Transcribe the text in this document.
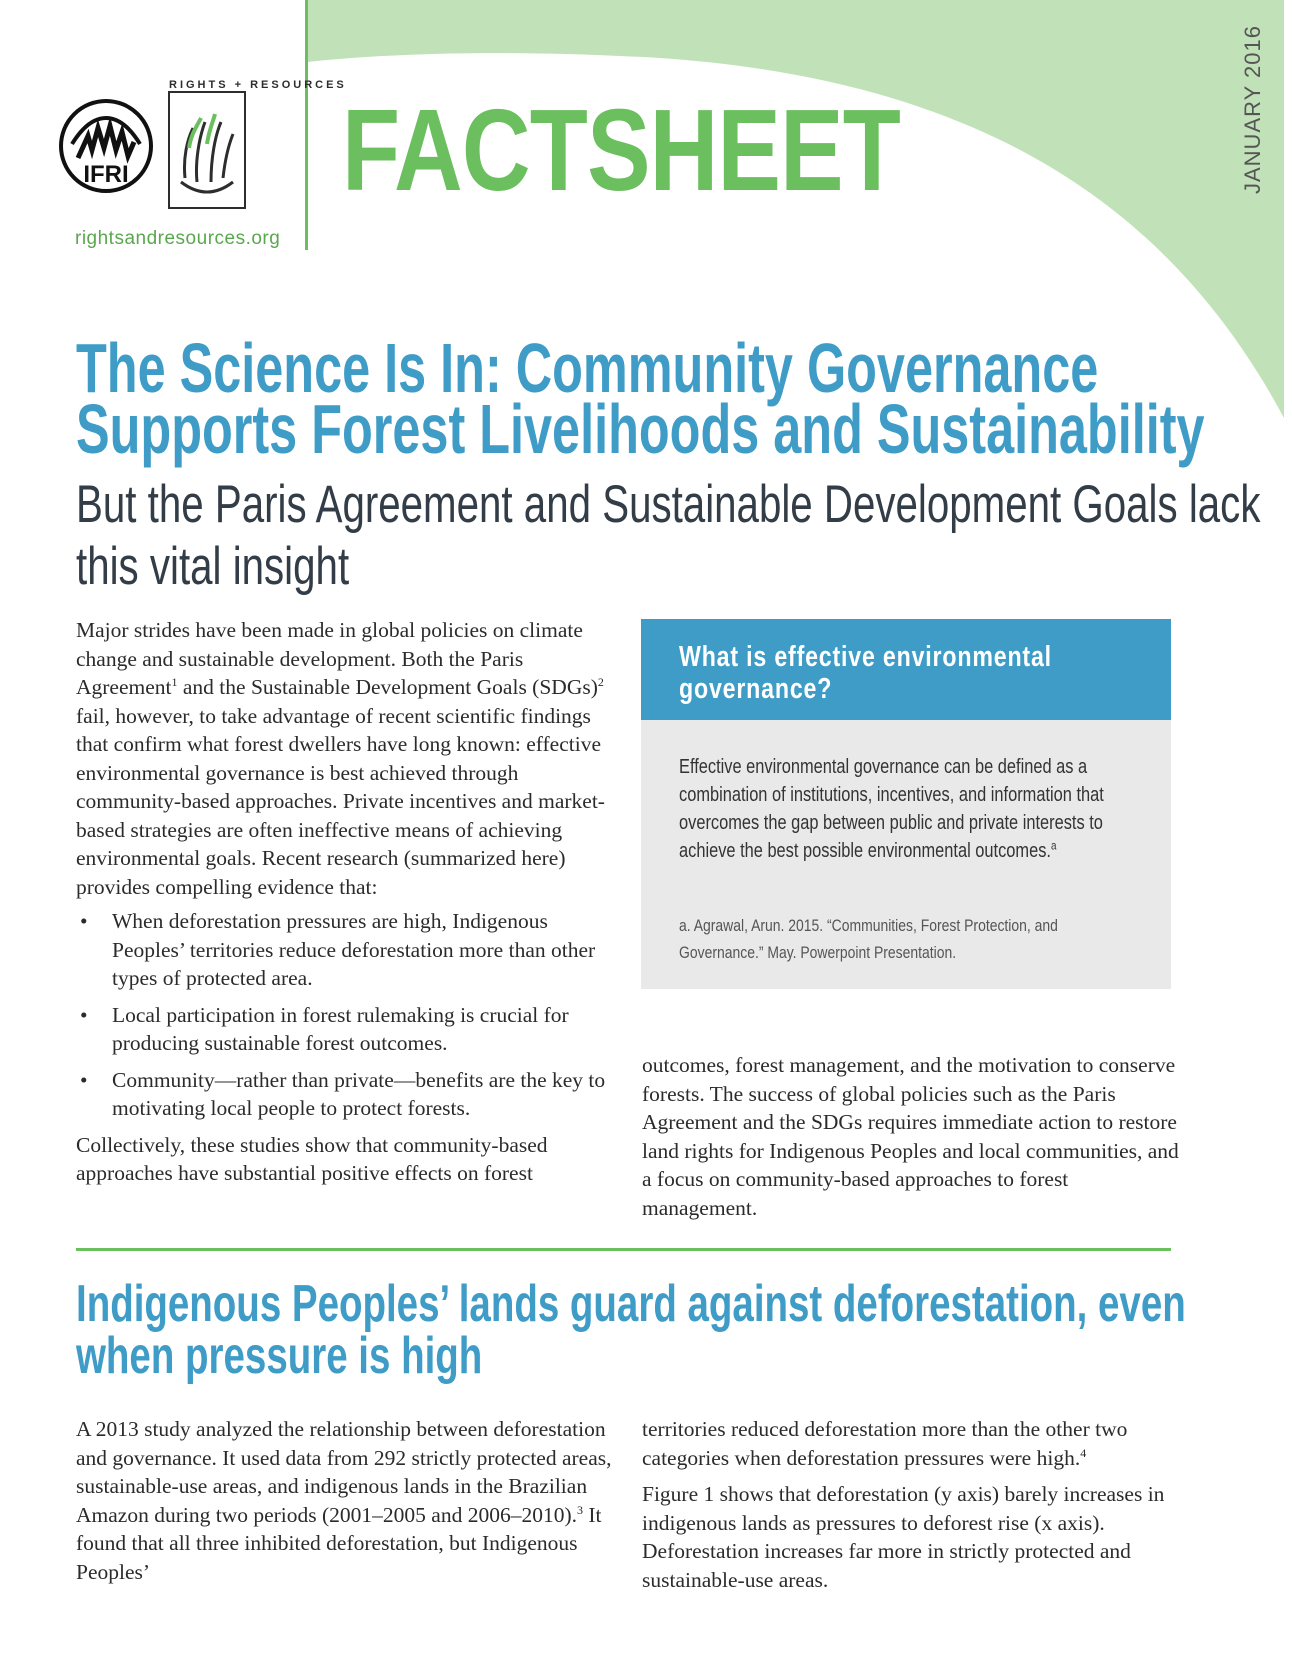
IFRI
RIGHTS + RESOURCES
rightsandresources.org
FACTSHEET	JANUARY 2016
The Science Is In: Community Governance
Supports Forest Livelihoods and Sustainability
But the Paris Agreement and Sustainable Development Goals lack
this vital insight

Major strides have been made in global policies on climate change and sustainable development. Both the Paris Agreement$^1$ and the Sustainable Development Goals (SDGs)$^2$ fail, however, to take advantage of recent scientific findings that confirm what forest dwellers have long known: effective environmental governance is best achieved through community-based approaches. Private incentives and market-based strategies are often ineffective means of achieving environmental goals. Recent research (summarized here) provides compelling evidence that:

• When deforestation pressures are high, Indigenous Peoples’ territories reduce deforestation more than other types of protected area.
• Local participation in forest rulemaking is crucial for producing sustainable forest outcomes.
• Community—rather than private—benefits are the key to motivating local people to protect forests.

Collectively, these studies show that community-based approaches have substantial positive effects on forest

What is effective environmental governance?
Effective environmental governance can be defined as a combination of institutions, incentives, and information that overcomes the gap between public and private interests to achieve the best possible environmental outcomes.$^a$
a. Agrawal, Arun. 2015. “Communities, Forest Protection, and Governance.” May. Powerpoint Presentation.

outcomes, forest management, and the motivation to conserve forests. The success of global policies such as the Paris Agreement and the SDGs requires immediate action to restore land rights for Indigenous Peoples and local communities, and a focus on community-based approaches to forest management.

Indigenous Peoples’ lands guard against deforestation, even when pressure is high

A 2013 study analyzed the relationship between deforestation and governance. It used data from 292 strictly protected areas, sustainable-use areas, and indigenous lands in the Brazilian Amazon during two periods (2001–2005 and 2006–2010).$^3$ It found that all three inhibited deforestation, but Indigenous Peoples’

territories reduced deforestation more than the other two categories when deforestation pressures were high.$^4$

Figure 1 shows that deforestation (y axis) barely increases in indigenous lands as pressures to deforest rise (x axis). Deforestation increases far more in strictly protected and sustainable-use areas.
